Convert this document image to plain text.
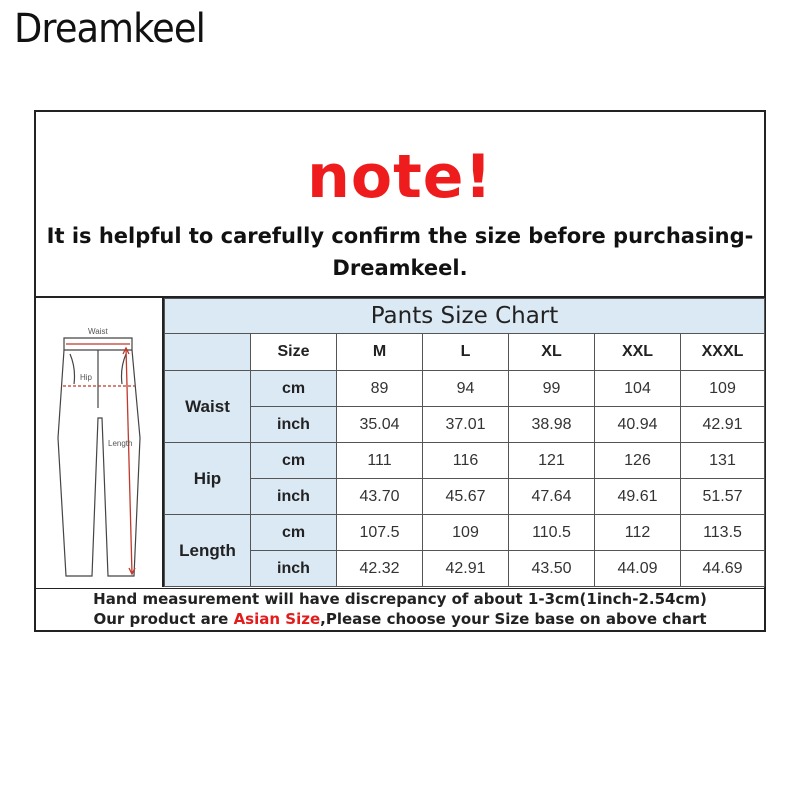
Dreamkeel
note!
It is helpful to carefully confirm the size before purchasing-
Dreamkeel.
Waist
Hip
Length
Pants Size Chart						
	Size	M	L	XL	XXL	XXXL
Waist	cm	89	94	99	104	109
	inch	35.04	37.01	38.98	40.94	42.91
Hip	cm	111	116	121	126	131
	inch	43.70	45.67	47.64	49.61	51.57
Length	cm	107.5	109	110.5	112	113.5
	inch	42.32	42.91	43.50	44.09	44.69
Hand measurement will have discrepancy of about 1-3cm(1inch-2.54cm)
Our product are Asian Size,Please choose your Size base on above chart
